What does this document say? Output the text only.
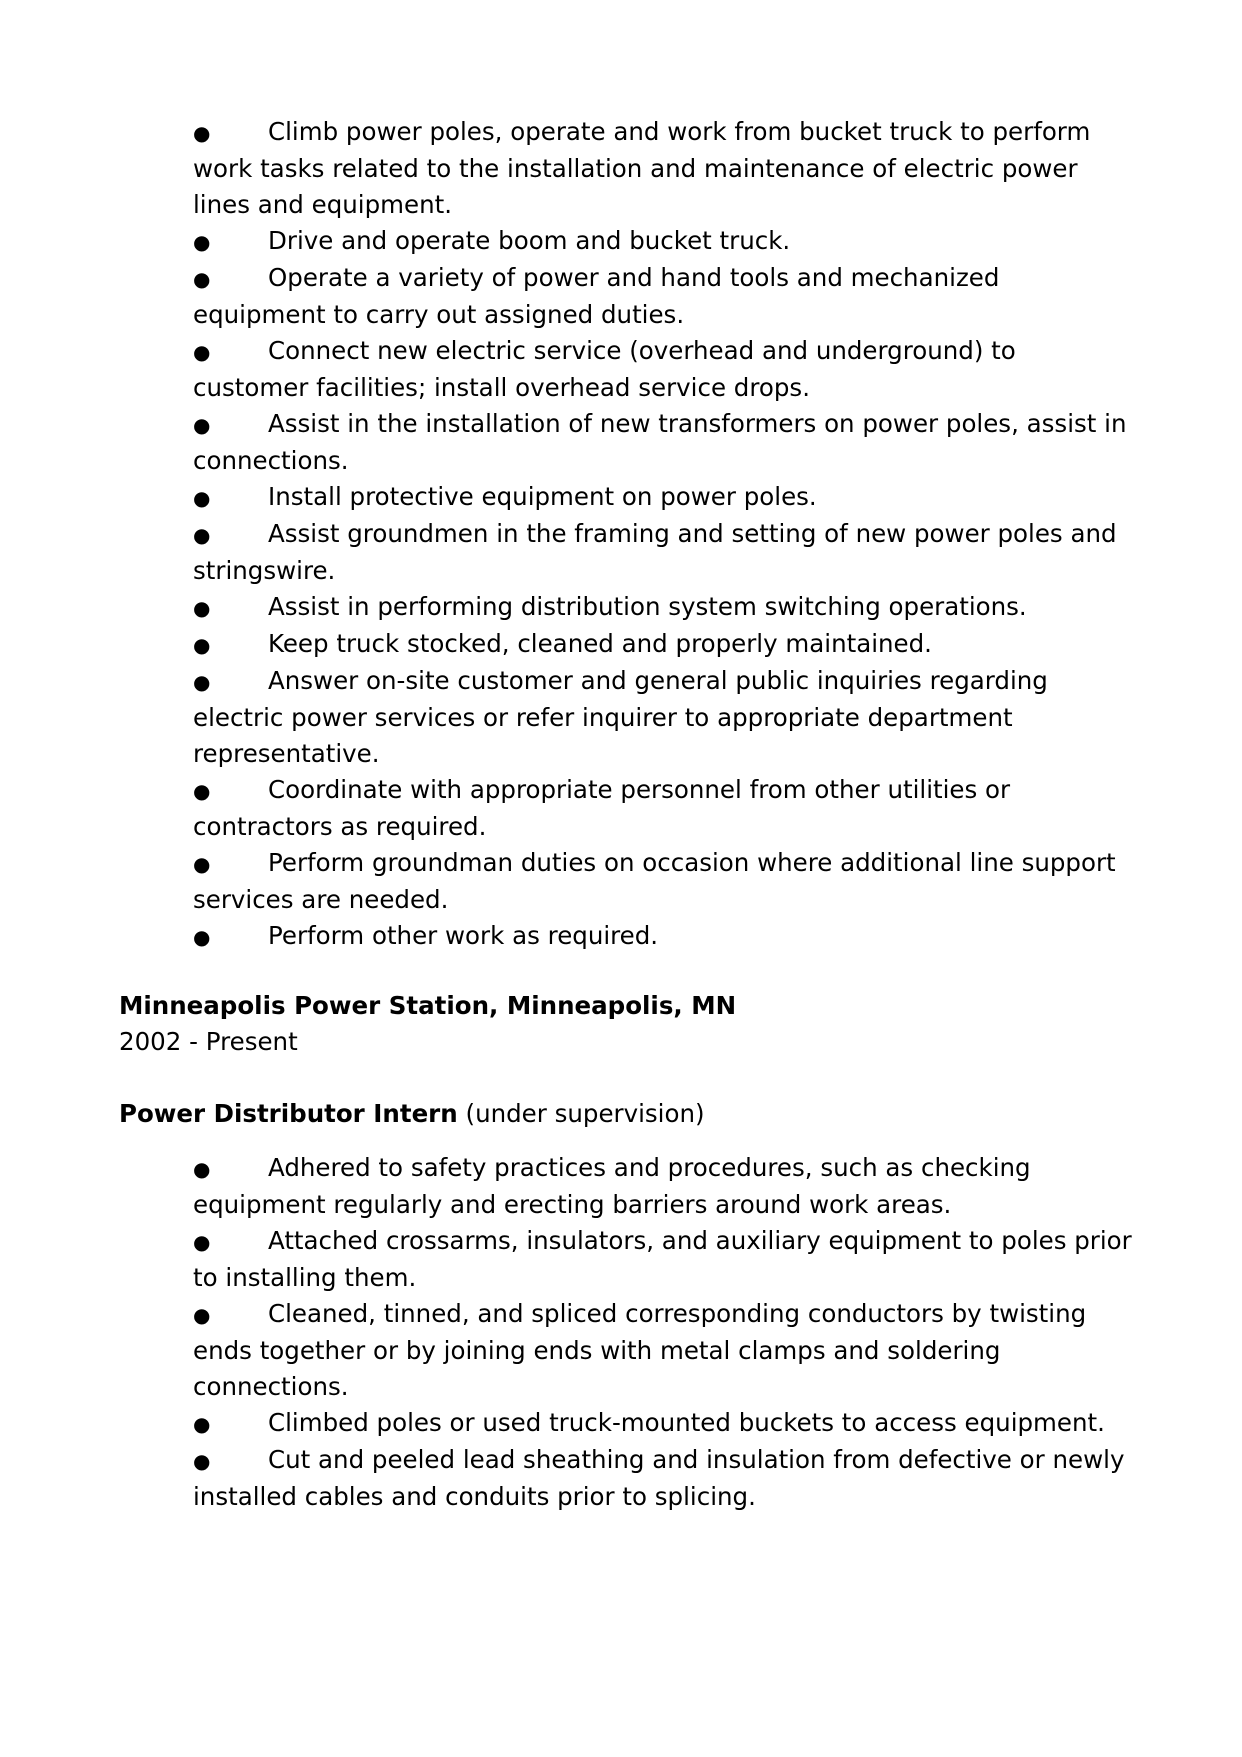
● Climb power poles, operate and work from bucket truck to perform work tasks related to the installation and maintenance of electric power lines and equipment.
● Drive and operate boom and bucket truck.
● Operate a variety of power and hand tools and mechanized equipment to carry out assigned duties.
● Connect new electric service (overhead and underground) to customer facilities; install overhead service drops.
● Assist in the installation of new transformers on power poles, assist in connections.
● Install protective equipment on power poles.
● Assist groundmen in the framing and setting of new power poles and stringswire.
● Assist in performing distribution system switching operations.
● Keep truck stocked, cleaned and properly maintained.
● Answer on-site customer and general public inquiries regarding electric power services or refer inquirer to appropriate department representative.
● Coordinate with appropriate personnel from other utilities or contractors as required.
● Perform groundman duties on occasion where additional line support services are needed.
● Perform other work as required.
Minneapolis Power Station, Minneapolis, MN
2002 - Present
Power Distributor Intern (under supervision)
● Adhered to safety practices and procedures, such as checking equipment regularly and erecting barriers around work areas.
● Attached crossarms, insulators, and auxiliary equipment to poles prior to installing them.
● Cleaned, tinned, and spliced corresponding conductors by twisting ends together or by joining ends with metal clamps and soldering connections.
● Climbed poles or used truck-mounted buckets to access equipment.
● Cut and peeled lead sheathing and insulation from defective or newly installed cables and conduits prior to splicing.
